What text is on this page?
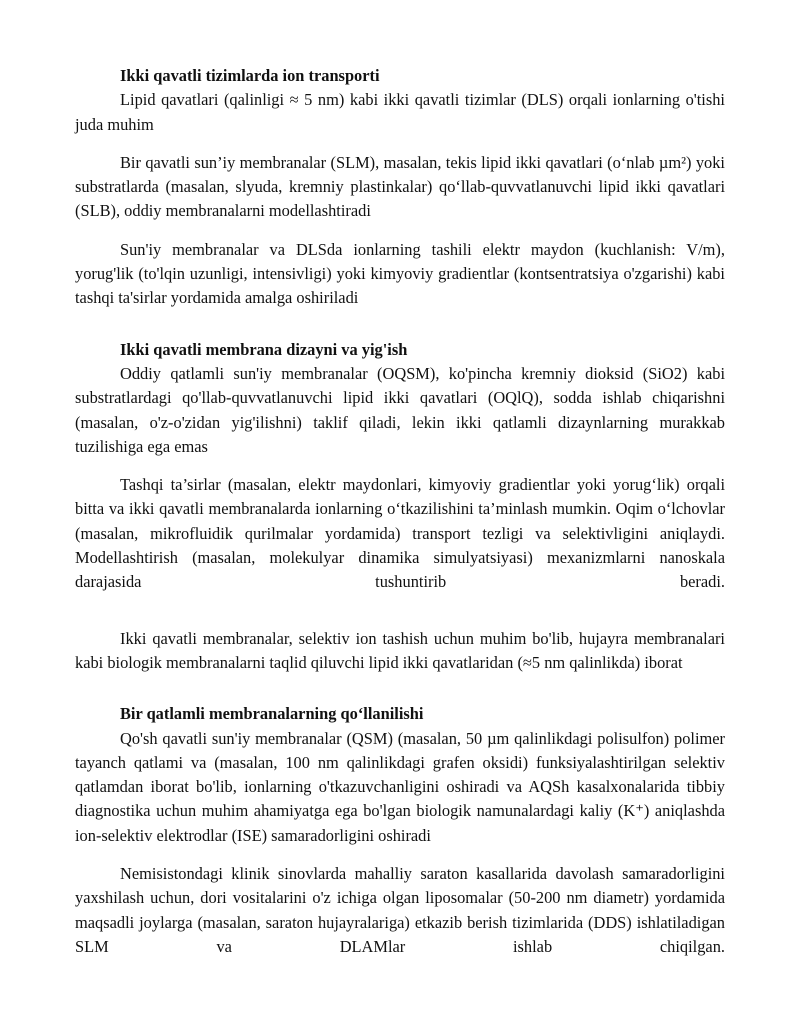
Ikki qavatli tizimlarda ion transporti

Lipid qavatlari (qalinligi ≈ 5 nm) kabi ikki qavatli tizimlar (DLS) orqali ionlarning o'tishi juda muhim

Bir qavatli sun’iy membranalar (SLM), masalan, tekis lipid ikki qavatlari (oʻnlab µm²) yoki substratlarda (masalan, slyuda, kremniy plastinkalar) qoʻllab-quvvatlanuvchi lipid ikki qavatlari (SLB), oddiy membranalarni modellashtiradi

Sun'iy membranalar va DLSda ionlarning tashili elektr maydon (kuchlanish: V/m), yorug'lik (to'lqin uzunligi, intensivligi) yoki kimyoviy gradientlar (kontsentratsiya o'zgarishi) kabi tashqi ta'sirlar yordamida amalga oshiriladi

Ikki qavatli membrana dizayni va yig'ish

Oddiy qatlamli sun'iy membranalar (OQSM), ko'pincha kremniy dioksid (SiO2) kabi substratlardagi qo'llab-quvvatlanuvchi lipid ikki qavatlari (OQlQ), sodda ishlab chiqarishni (masalan, o'z-o'zidan yig'ilishni) taklif qiladi, lekin ikki qatlamli dizaynlarning murakkab tuzilishiga ega emas

Tashqi ta’sirlar (masalan, elektr maydonlari, kimyoviy gradientlar yoki yorugʻlik) orqali bitta va ikki qavatli membranalarda ionlarning oʻtkazilishini ta’minlash mumkin. Oqim oʻlchovlar (masalan, mikrofluidik qurilmalar yordamida) transport tezligi va selektivligini aniqlaydi. Modellashtirish (masalan, molekulyar dinamika simulyatsiyasi) mexanizmlarni nanoskala darajasida tushuntirib beradi.

Ikki qavatli membranalar, selektiv ion tashish uchun muhim bo'lib, hujayra membranalari kabi biologik membranalarni taqlid qiluvchi lipid ikki qavatlaridan (≈5 nm qalinlikda) iborat

Bir qatlamli membranalarning qoʻllanilishi

Qo'sh qavatli sun'iy membranalar (QSM) (masalan, 50 µm qalinlikdagi polisulfon) polimer tayanch qatlami va (masalan, 100 nm qalinlikdagi grafen oksidi) funksiyalashtirilgan selektiv qatlamdan iborat bo'lib, ionlarning o'tkazuvchanligini oshiradi va AQSh kasalxonalarida tibbiy diagnostika uchun muhim ahamiyatga ega bo'lgan biologik namunalardagi kaliy (K⁺) aniqlashda ion-selektiv elektrodlar (ISE) samaradorligini oshiradi

Nemisistondagi klinik sinovlarda mahalliy saraton kasallarida davolash samaradorligini yaxshilash uchun, dori vositalarini o'z ichiga olgan liposomalar (50-200 nm diametr) yordamida maqsadli joylarga (masalan, saraton hujayralariga) etkazib berish tizimlarida (DDS) ishlatiladigan SLM va DLAMlar ishlab chiqilgan.
